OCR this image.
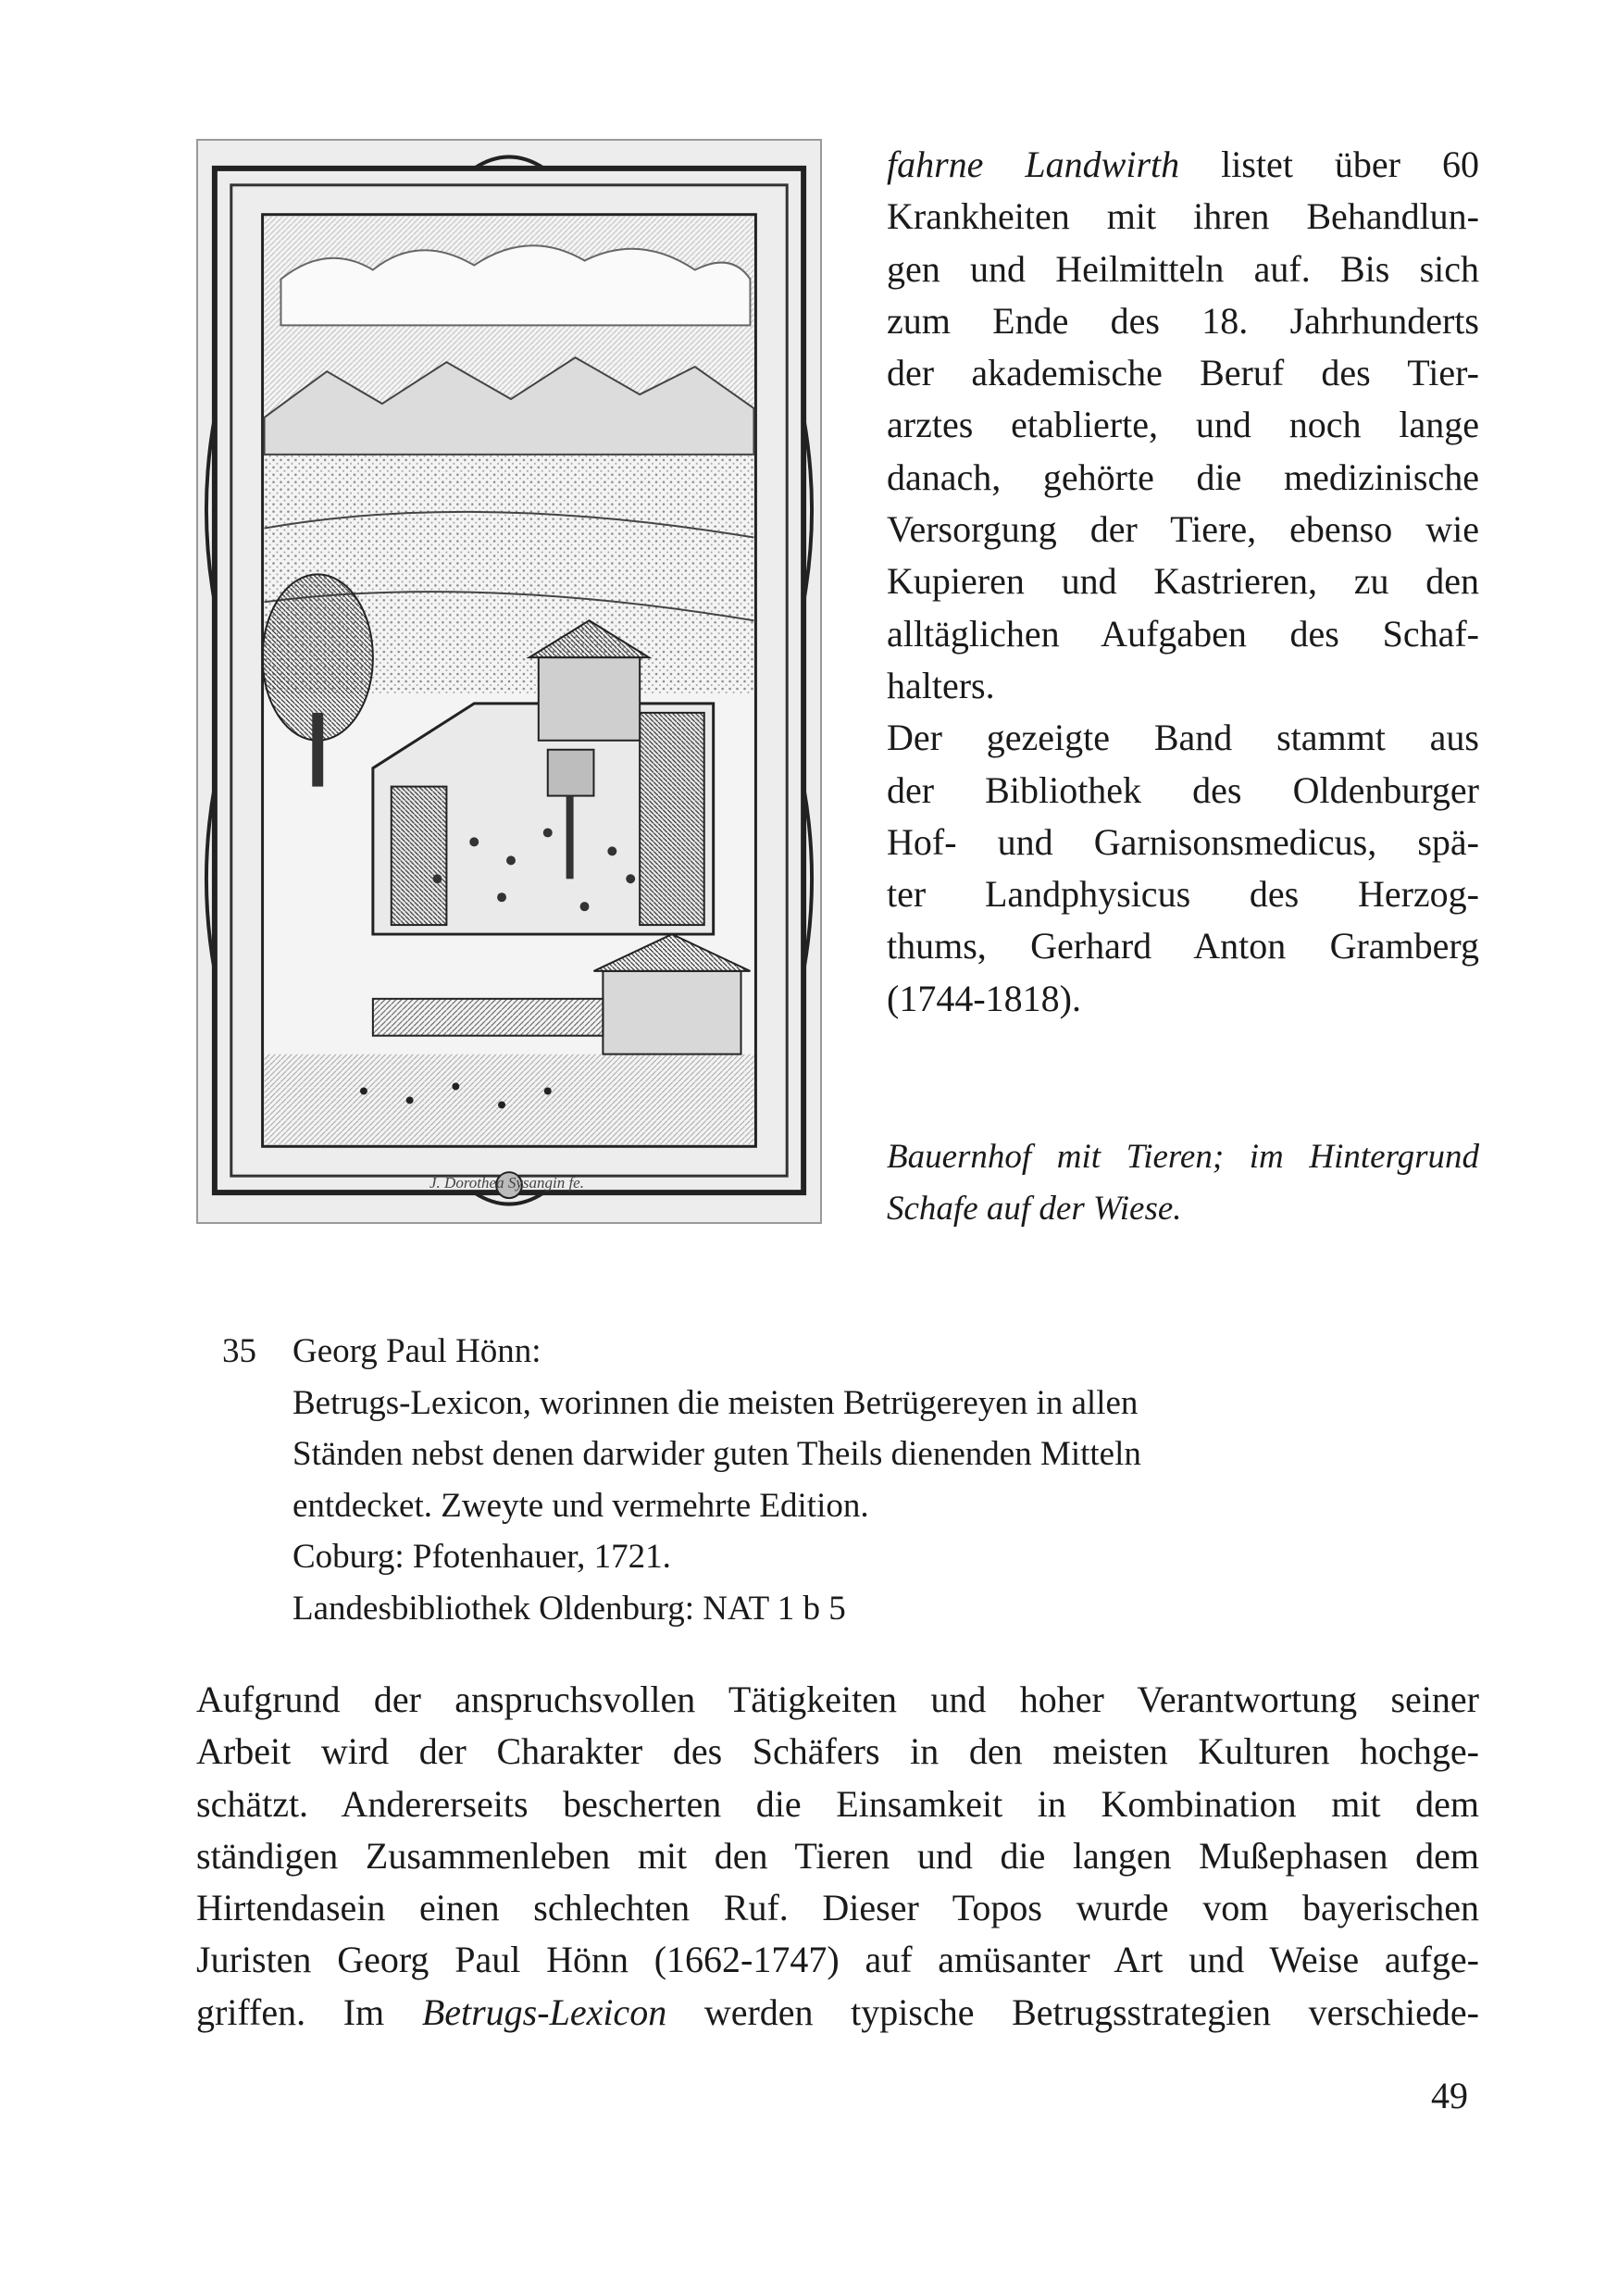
J. Dorothea Sysangin fe.
fahrne Landwirth listet über 60
Krankheiten mit ihren Behandlun-
gen und Heilmitteln auf. Bis sich
zum Ende des 18. Jahrhunderts
der akademische Beruf des Tier-
arztes etablierte, und noch lange
danach, gehörte die medizinische
Versorgung der Tiere, ebenso wie
Kupieren und Kastrieren, zu den
alltäglichen Aufgaben des Schaf-
halters.
Der gezeigte Band stammt aus
der Bibliothek des Oldenburger
Hof- und Garnisonsmedicus, spä-
ter Landphysicus des Herzog-
thums, Gerhard Anton Gramberg
(1744-1818).
Bauernhof mit Tieren; im Hintergrund
Schafe auf der Wiese.
35 Georg Paul Hönn:
Betrugs-Lexicon, worinnen die meisten Betrügereyen in allen
Ständen nebst denen darwider guten Theils dienenden Mitteln
entdecket. Zweyte und vermehrte Edition.
Coburg: Pfotenhauer, 1721.
Landesbibliothek Oldenburg: NAT 1 b 5
Aufgrund der anspruchsvollen Tätigkeiten und hoher Verantwortung seiner
Arbeit wird der Charakter des Schäfers in den meisten Kulturen hochge-
schätzt. Andererseits bescherten die Einsamkeit in Kombination mit dem
ständigen Zusammenleben mit den Tieren und die langen Mußephasen dem
Hirtendasein einen schlechten Ruf. Dieser Topos wurde vom bayerischen
Juristen Georg Paul Hönn (1662-1747) auf amüsanter Art und Weise aufge-
griffen. Im Betrugs-Lexicon werden typische Betrugsstrategien verschiede-
49
